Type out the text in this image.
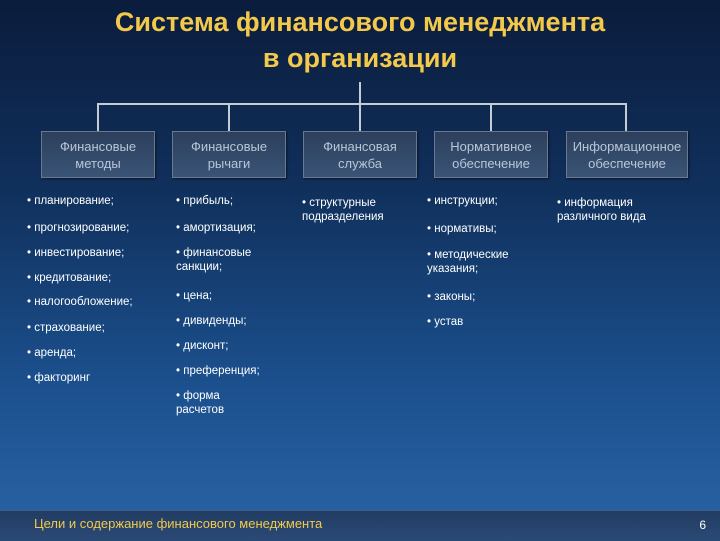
Система финансового менеджмента
в организации
Финансовые
методы
Финансовые
рычаги
Финансовая
служба
Нормативное
обеспечение
Информационное
обеспечение
• планирование;
• прогнозирование;
• инвестирование;
• кредитование;
• налогообложение;
• страхование;
• аренда;
• факторинг
• прибыль;
• амортизация;
• финансовые санкции;
• цена;
• дивиденды;
• дисконт;
• преференция;
• форма расчетов
• структурные подразделения
• инструкции;
• нормативы;
• методические указания;
• законы;
• устав
• информация различного вида
Цели и содержание финансового менеджмента	6
